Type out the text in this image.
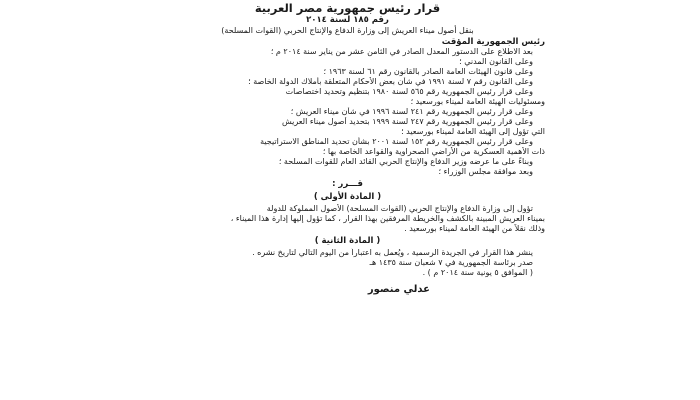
قرار رئيس جمهورية مصر العربية
رقم ١٨٥ لسنة ٢٠١٤
بنقل أصول ميناء العريش إلى وزارة الدفاع والإنتاج الحربي (القوات المسلحة)
رئيس الجمهورية المؤقت
بعد الاطلاع على الدستور المعدل الصادر في الثامن عشر من يناير سنة ٢٠١٤ م ؛
وعلى القانون المدني ؛
وعلى قانون الهيئات العامة الصادر بالقانون رقم ٦١ لسنة ١٩٦٣ ؛
وعلى القانون رقم ٧ لسنة ١٩٩١ في شأن بعض الأحكام المتعلقة بأملاك الدولة الخاصة ؛
وعلى قرار رئيس الجمهورية رقم ٥٦٥ لسنة ١٩٨٠ بتنظيم وتحديد اختصاصات
ومسئوليات الهيئة العامة لميناء بورسعيد ؛
وعلى قرار رئيس الجمهورية رقم ٢٤١ لسنة ١٩٩٦ في شأن ميناء العريش ؛
وعلى قرار رئيس الجمهورية رقم ٢٤٧ لسنة ١٩٩٩ بتحديد أصول ميناء العريش
التي تؤول إلى الهيئة العامة لميناء بورسعيد ؛
وعلى قرار رئيس الجمهورية رقم ١٥٢ لسنة ٢٠٠١ بشأن تحديد المناطق الاستراتيجية
ذات الأهمية العسكرية من الأراضي الصحراوية والقواعد الخاصة بها ؛
وبناءً على ما عرضه وزير الدفاع والإنتاج الحربي القائد العام للقوات المسلحة ؛
وبعد موافقة مجلس الوزراء ؛
قـــرر :
( المادة الأولى )
تؤول إلى وزارة الدفاع والإنتاج الحربي (القوات المسلحة) الأصول المملوكة للدولة
بميناء العريش المبينة بالكشف والخريطة المرفقين بهذا القرار ، كما تؤول إليها إدارة هذا الميناء ،
وذلك نقلاً من الهيئة العامة لميناء بورسعيد .
( المادة الثانية )
ينشر هذا القرار في الجريدة الرسمية ، ويُعمل به اعتباراً من اليوم التالي لتاريخ نشره .
صدر برئاسة الجمهورية في ٧ شعبان سنة ١٤٣٥ هـ
( الموافق ٥ يونية سنة ٢٠١٤ م ) .
عدلي منصور
